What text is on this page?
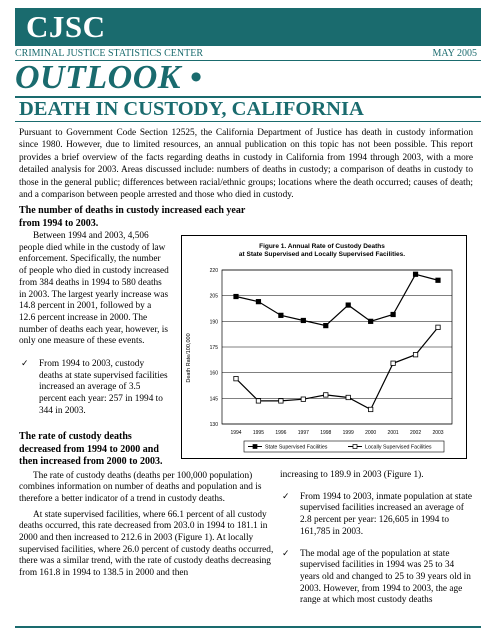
CJSC
CRIMINAL JUSTICE STATISTICS CENTER	MAY 2005
OUTLOOK •
DEATH IN CUSTODY, CALIFORNIA

Pursuant to Government Code Section 12525, the California Department of Justice has death in custody information since 1980. However, due to limited resources, an annual publication on this topic has not been possible. This report provides a brief overview of the facts regarding deaths in custody in California from 1994 through 2003, with a more detailed analysis for 2003. Areas discussed include: numbers of deaths in custody; a comparison of deaths in custody to those in the general public; differences between racial/ethnic groups; locations where the death occurred; causes of death; and a comparison between people arrested and those who died in custody.

The number of deaths in custody increased each year from 1994 to 2003.

Between 1994 and 2003, 4,506 people died while in the custody of law enforcement. Specifically, the number of people who died in custody increased from 384 deaths in 1994 to 580 deaths in 2003. The largest yearly increase was 14.8 percent in 2001, followed by a 12.6 percent increase in 2000. The number of deaths each year, however, is only one measure of these events.

✓ From 1994 to 2003, custody deaths at state supervised facilities increased an average of 3.5 percent each year: 257 in 1994 to 344 in 2003.
Figure 1. Annual Rate of Custody Deaths
at State Supervised and Locally Supervised Facilities.
Death Rate/100,000
130
145
160
175
190
205
220
1994 1995 1996 1997 1998 1999 2000 2001 2002 2003
State Supervised Facilities	Locally Supervised Facilities
The rate of custody deaths decreased from 1994 to 2000 and then increased from 2000 to 2003.

The rate of custody deaths (deaths per 100,000 population) combines information on number of deaths and population and is therefore a better indicator of a trend in custody deaths.

At state supervised facilities, where 66.1 percent of all custody deaths occurred, this rate decreased from 203.0 in 1994 to 181.1 in 2000 and then increased to 212.6 in 2003 (Figure 1). At locally supervised facilities, where 26.0 percent of custody deaths occurred, there was a similar trend, with the rate of custody deaths decreasing from 161.8 in 1994 to 138.5 in 2000 and then

increasing to 189.9 in 2003 (Figure 1).

✓ From 1994 to 2003, inmate population at state supervised facilities increased an average of 2.8 percent per year: 126,605 in 1994 to 161,785 in 2003.
✓ The modal age of the population at state supervised facilities in 1994 was 25 to 34 years old and changed to 25 to 39 years old in 2003. However, from 1994 to 2003, the age range at which most custody deaths
